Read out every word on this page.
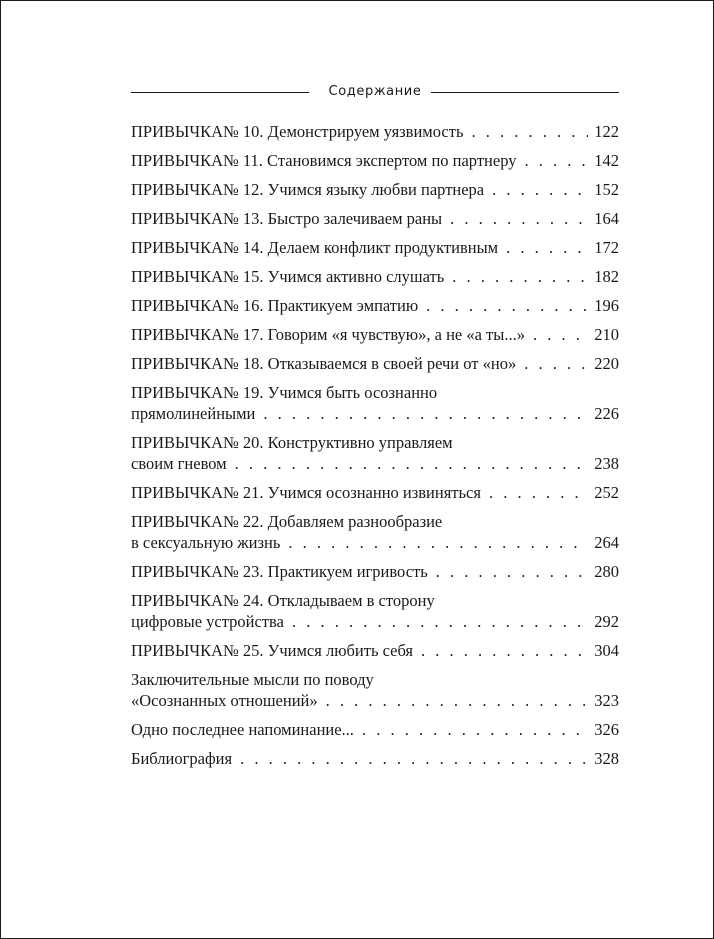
Содержание
ПРИВЫЧКА№ 10. Демонстрируем уязвимость . . .	122
ПРИВЫЧКА№ 11. Становимся экспертом по партнеру . . .	142
ПРИВЫЧКА№ 12. Учимся языку любви партнера . . .	152
ПРИВЫЧКА№ 13. Быстро залечиваем раны . . .	164
ПРИВЫЧКА№ 14. Делаем конфликт продуктивным . . .	172
ПРИВЫЧКА№ 15. Учимся активно слушать . . .	182
ПРИВЫЧКА№ 16. Практикуем эмпатию . . .	196
ПРИВЫЧКА№ 17. Говорим «я чувствую», а не «а ты...» . . .	210
ПРИВЫЧКА№ 18. Отказываемся в своей речи от «но» . . .	220
ПРИВЫЧКА№ 19. Учимся быть осознанно
прямолинейными . . .	226
ПРИВЫЧКА№ 20. Конструктивно управляем
своим гневом . . .	238
ПРИВЫЧКА№ 21. Учимся осознанно извиняться . . .	252
ПРИВЫЧКА№ 22. Добавляем разнообразие
в сексуальную жизнь . . .	264
ПРИВЫЧКА№ 23. Практикуем игривость . . .	280
ПРИВЫЧКА№ 24. Откладываем в сторону
цифровые устройства . . .	292
ПРИВЫЧКА№ 25. Учимся любить себя . . .	304
Заключительные мысли по поводу
«Осознанных отношений» . . .	323
Одно последнее напоминание... . . .	326
Библиография . . .	328
